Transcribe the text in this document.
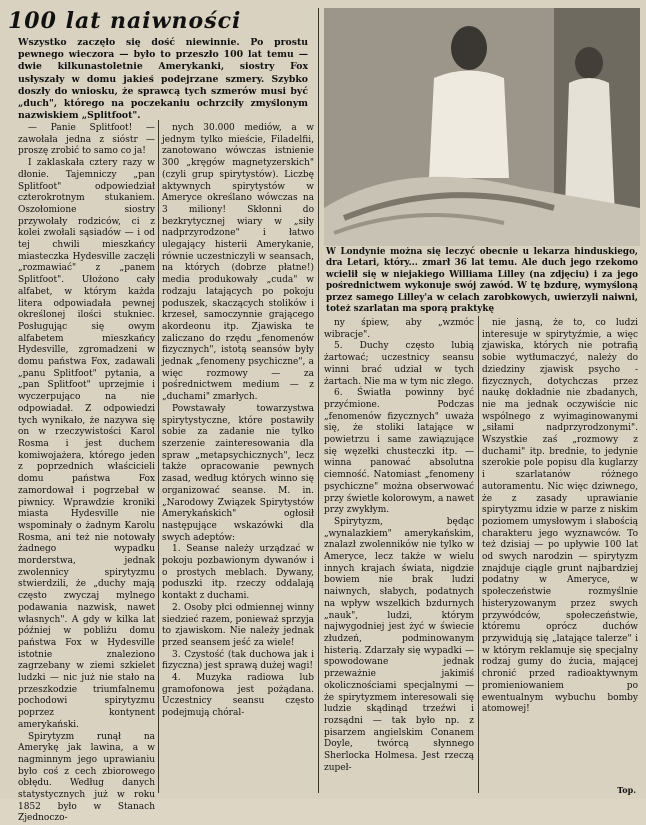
100 lat naiwności
Wszystko zaczęło się dość niewinnie. Po prostu pewnego wieczora — było to przeszło 100 lat temu — dwie kilkunastoletnie Amerykanki, siostry Fox usłyszały w domu jakieś podejrzane szmery. Szybko doszły do wniosku, że sprawcą tych szmerów musi być „duch", którego na poczekaniu ochrzciły zmyślonym nazwiskiem „Splitfoot".
W Londynie można się leczyć obecnie u lekarza hinduskiego, dra Letari, który... zmarł 36 lat temu. Ale duch jego rzekomo wcielił się w niejakiego Williama Lilley (na zdjęciu) i za jego pośrednictwem wykonuje swój zawód. W tę bzdurę, wymyśloną przez samego Lilley'a w celach zarobkowych, uwierzyli naiwni, toteż szarlatan ma sporą praktykę

— Panie Splitfoot! — zawołała jedna z sióstr — proszę zrobić to samo co ja!

I zaklaskała cztery razy w dłonie. Tajemniczy „pan Splitfoot" odpowiedział czterokrotnym stukaniem. Oszołomione siostry przywołały rodziców, ci z kolei zwołali sąsiadów — i od tej chwili mieszkańcy miasteczka Hydesville zaczęli „rozmawiać" z „panem Splitfoot". Ułożono cały alfabet, w którym każda litera odpowiadała pewnej określonej ilości stukniec. Posługując się owym alfabetem mieszkańcy Hydesville, zgromadzeni w domu państwa Fox, zadawali „panu Splitfoot" pytania, a „pan Splitfoot" uprzejmie i wyczerpująco na nie odpowiadał. Z odpowiedzi tych wynikało, że nazywa się on w rzeczywistości Karol Rosma i jest duchem komiwojażera, którego jeden z poprzednich właścicieli domu państwa Fox zamordował i pogrzebał w piwnicy. Wprawdzie kroniki miasta Hydesville nie wspominały o żadnym Karolu Rosma, ani też nie notowały żadnego wypadku morderstwa, jednak zwolennicy spirytyzmu stwierdzili, że „duchy mają często zwyczaj mylnego podawania nazwisk, nawet własnych". A gdy w kilka lat później w pobliżu domu państwa Fox w Hydesville istotnie znaleziono zagrzebany w ziemi szkielet ludzki — nic już nie stało na przeszkodzie triumfalnemu pochodowi spirytyzmu poprzez kontynent amerykański.

Spirytyzm runął na Amerykę jak lawina, a w nagminnym jego uprawianiu było coś z cech zbiorowego obłędu. Według danych statystycznych już w roku 1852 było w Stanach Zjednoczo-

nych 30.000 mediów, a w jednym tylko mieście, Filadelfii, zanotowano wówczas istnienie 300 „kręgów magnetyzerskich" (czyli grup spirytystów). Liczbę aktywnych spirytystów w Ameryce określano wówczas na 3 miliony! Skłonni do bezkrytycznej wiary w „siły nadprzyrodzone" i łatwo ulegający histerii Amerykanie, równie uczestniczyli w seansach, na których (dobrze płatne!) media produkowały „cuda" w rodzaju latających po pokoju poduszek, skaczących stolików i krzeseł, samoczynnie grającego akordeonu itp. Zjawiska te zaliczano do rzędu „fenomenów fizycznych", istotą seansów były jednak „fenomeny psychiczne", a więc rozmowy — za pośrednictwem medium — z „duchami" zmarłych.

Powstawały towarzystwa spirytystyczne, które postawiły sobie za zadanie nie tylko szerzenie zainteresowania dla spraw „metapsychicznych", lecz także opracowanie pewnych zasad, według których winno się organizować seanse. M. in. „Narodowy Związek Spirytystów Amerykańskich" ogłosił następujące wskazówki dla swych adeptów:

1. Seanse należy urządzać w pokoju pozbawionym dywanów i o prostych meblach. Dywany, poduszki itp. rzeczy oddalają kontakt z duchami.

2. Osoby płci odmiennej winny siedzieć razem, ponieważ sprzyja to zjawiskom. Nie należy jednak przed seansem jeść za wiele!

3. Czystość (tak duchowa jak i fizyczna) jest sprawą dużej wagi!

4. Muzyka radiowa lub gramofonowa jest pożądana. Uczestnicy seansu często podejmują chóral-

ny śpiew, aby „wzmóc wibracje".

5. Duchy często lubią żartować; uczestnicy seansu winni brać udział w tych żartach. Nie ma w tym nic złego.

6. Światła powinny być przyćmione. Podczas „fenomenów fizycznych" uważa się, że stoliki latające w powietrzu i same zawiązujące się węzełki chusteczki itp. — winna panować absolutna ciemność. Natomiast „fenomeny psychiczne" można obserwować przy świetle kolorowym, a nawet przy zwykłym.

Spirytyzm, będąc „wynalazkiem" amerykańskim, znalazł zwolenników nie tylko w Ameryce, lecz także w wielu innych krajach świata, nigdzie bowiem nie brak ludzi naiwnych, słabych, podatnych na wpływ wszelkich bzdurnych „nauk", ludzi, którym najwygodniej jest żyć w świecie złudzeń, podminowanym histerią. Zdarzały się wypadki — spowodowane jednak przeważnie jakimiś okolicznościami specjalnymi — że spirytyzmem interesowali się ludzie skądinąd trzeźwi i rozsądni — tak było np. z pisarzem angielskim Conanem Doyle, twórcą słynnego Sherlocka Holmesa. Jest rzeczą zupeł-

nie jasną, że to, co ludzi interesuje w spirytyźmie, a więc zjawiska, których nie potrafią sobie wytłumaczyć, należy do dziedziny zjawisk psycho - fizycznych, dotychczas przez naukę dokładnie nie zbadanych, nie ma jednak oczywiście nic wspólnego z wyimaginowanymi „siłami nadprzyrodzonymi". Wszystkie zaś „rozmowy z duchami" itp. bredniе, to jedynie szerokie pole popisu dla kuglarzy i szarlatanów różnego autoramentu. Nic więc dziwnego, że z zasady uprawianie spirytyzmu idzie w parze z niskim poziomem umysłowym i słabością charakteru jego wyznawców. To też dzisiaj — po upływie 100 lat od swych narodzin — spirytyzm znajduje ciągle grunt najbardziej podatny w Ameryce, w społeczeństwie rozmyślnie histeryzowanym przez swych przywódców, społeczeństwie, któremu oprócz duchów przywidują się „latające talerze" i w którym reklamuje się specjalny rodzaj gumy do żucia, mającej chronić przed radioaktywnym promieniowaniem po ewentualnym wybuchu bomby atomowej!

Top.
